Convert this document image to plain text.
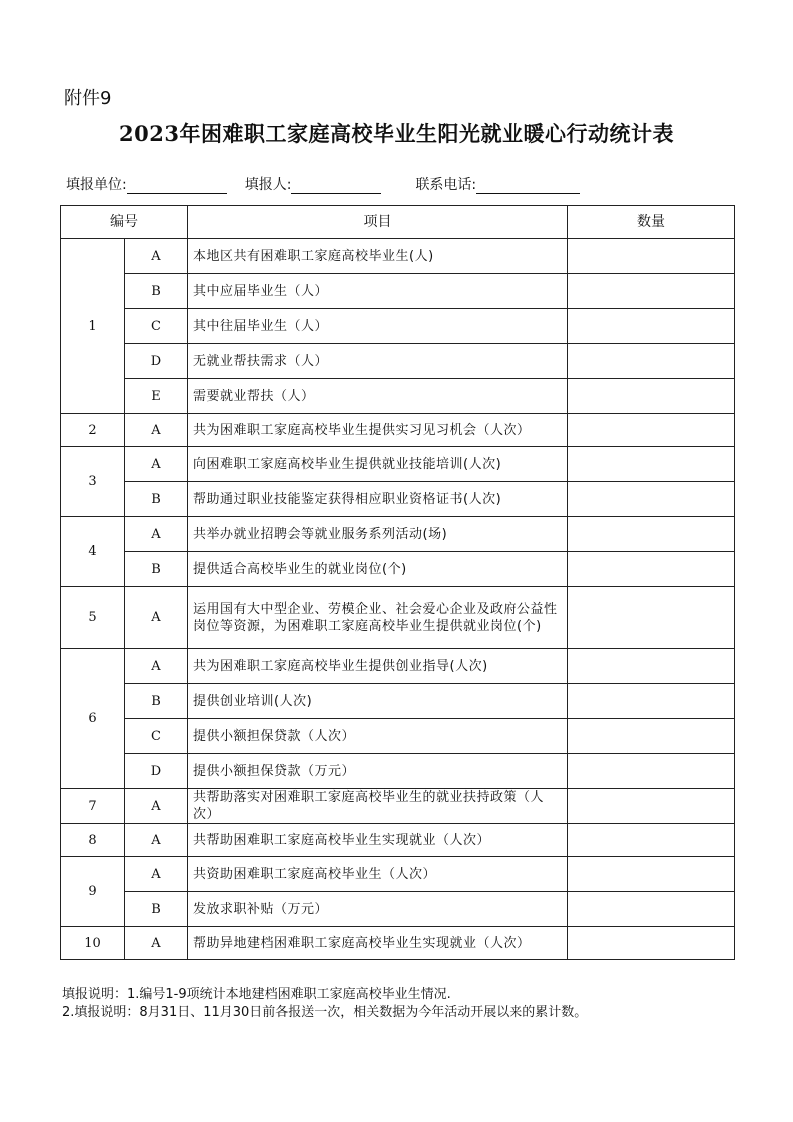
附件9
2023年困难职工家庭高校毕业生阳光就业暖心行动统计表
填报单位:	填报人:	联系电话:
编号		项目	数量
1	A	本地区共有困难职工家庭高校毕业生(人)	
	B	其中应届毕业生（人）	
	C	其中往届毕业生（人）	
	D	无就业帮扶需求（人）	
	E	需要就业帮扶（人）	
2	A	共为困难职工家庭高校毕业生提供实习见习机会（人次）	
3	A	向困难职工家庭高校毕业生提供就业技能培训(人次)	
	B	帮助通过职业技能鉴定获得相应职业资格证书(人次)	
4	A	共举办就业招聘会等就业服务系列活动(场)	
	B	提供适合高校毕业生的就业岗位(个)	
5	A	运用国有大中型企业、劳模企业、社会爱心企业及政府公益性岗位等资源，为困难职工家庭高校毕业生提供就业岗位(个)	
6	A	共为困难职工家庭高校毕业生提供创业指导(人次)	
	B	提供创业培训(人次)	
	C	提供小额担保贷款（人次）	
	D	提供小额担保贷款（万元）	
7	A	共帮助落实对困难职工家庭高校毕业生的就业扶持政策（人次）	
8	A	共帮助困难职工家庭高校毕业生实现就业（人次）	
9	A	共资助困难职工家庭高校毕业生（人次）	
	B	发放求职补贴（万元）	
10	A	帮助异地建档困难职工家庭高校毕业生实现就业（人次）	
填报说明：1.编号1-9项统计本地建档困难职工家庭高校毕业生情况.
2.填报说明：8月31日、11月30日前各报送一次，相关数据为今年活动开展以来的累计数。
